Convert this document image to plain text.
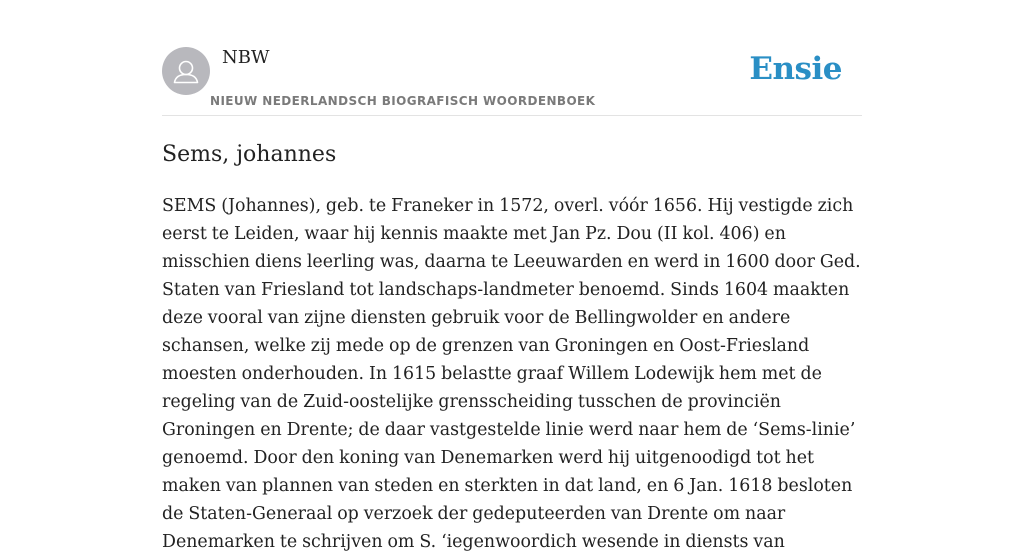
NBW
NIEUW NEDERLANDSCH BIOGRAFISCH WOORDENBOEK
Ensie
Sems, johannes

SEMS (Johannes), geb. te Franeker in 1572, overl. vóór 1656. Hij vestigde zich eerst te Leiden, waar hij kennis maakte met Jan Pz. Dou (II kol. 406) en misschien diens leerling was, daarna te Leeuwarden en werd in 1600 door Ged. Staten van Friesland tot landschaps-landmeter benoemd. Sinds 1604 maakten deze vooral van zijne diensten gebruik voor de Bellingwolder en andere schansen, welke zij mede op de grenzen van Groningen en Oost-Friesland moesten onderhouden. In 1615 belastte graaf Willem Lodewijk hem met de regeling van de Zuid-oostelijke grensscheiding tusschen de provinciën Groningen en Drente; de daar vastgestelde linie werd naar hem de ‘Sems-linie’ genoemd. Door den koning van Denemarken werd hij uitgenoodigd tot het maken van plannen van steden en sterkten in dat land, en 6 Jan. 1618 besloten de Staten-Generaal op verzoek der gedeputeerden van Drente om naar Denemarken te schrijven om S. ‘iegenwoordich wesende in diensts van
